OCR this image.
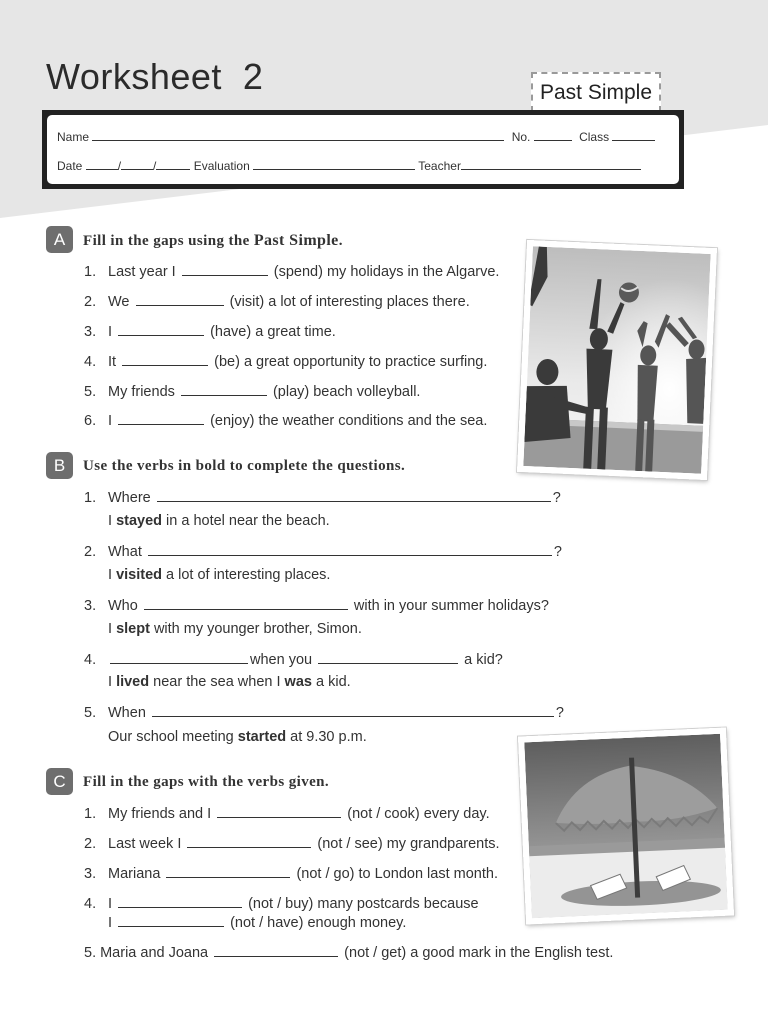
Worksheet 2	Past Simple
Name	No.	Class
Date	/	/	Evaluation	Teacher
A	Fill in the gaps using the Past Simple.
1. Last year I	(spend) my holidays in the Algarve.
2. We	(visit) a lot of interesting places there.
3. I	(have) a great time.
4. It	(be) a great opportunity to practice surfing.
5. My friends	(play) beach volleyball.
6. I	(enjoy) the weather conditions and the sea.
B	Use the verbs in bold to complete the questions.
1. Where	?
I stayed in a hotel near the beach.
2. What	?
I visited a lot of interesting places.
3. Who	with in your summer holidays?
I slept with my younger brother, Simon.
4.	when you	a kid?
I lived near the sea when I was a kid.
5. When	?
Our school meeting started at 9.30 p.m.
C	Fill in the gaps with the verbs given.
1. My friends and I	(not / cook) every day.
2. Last week I	(not / see) my grandparents.
3. Mariana	(not / go) to London last month.
4. I	(not / buy) many postcards because
I	(not / have) enough money.
5. Maria and Joana	(not / get) a good mark in the English test.
